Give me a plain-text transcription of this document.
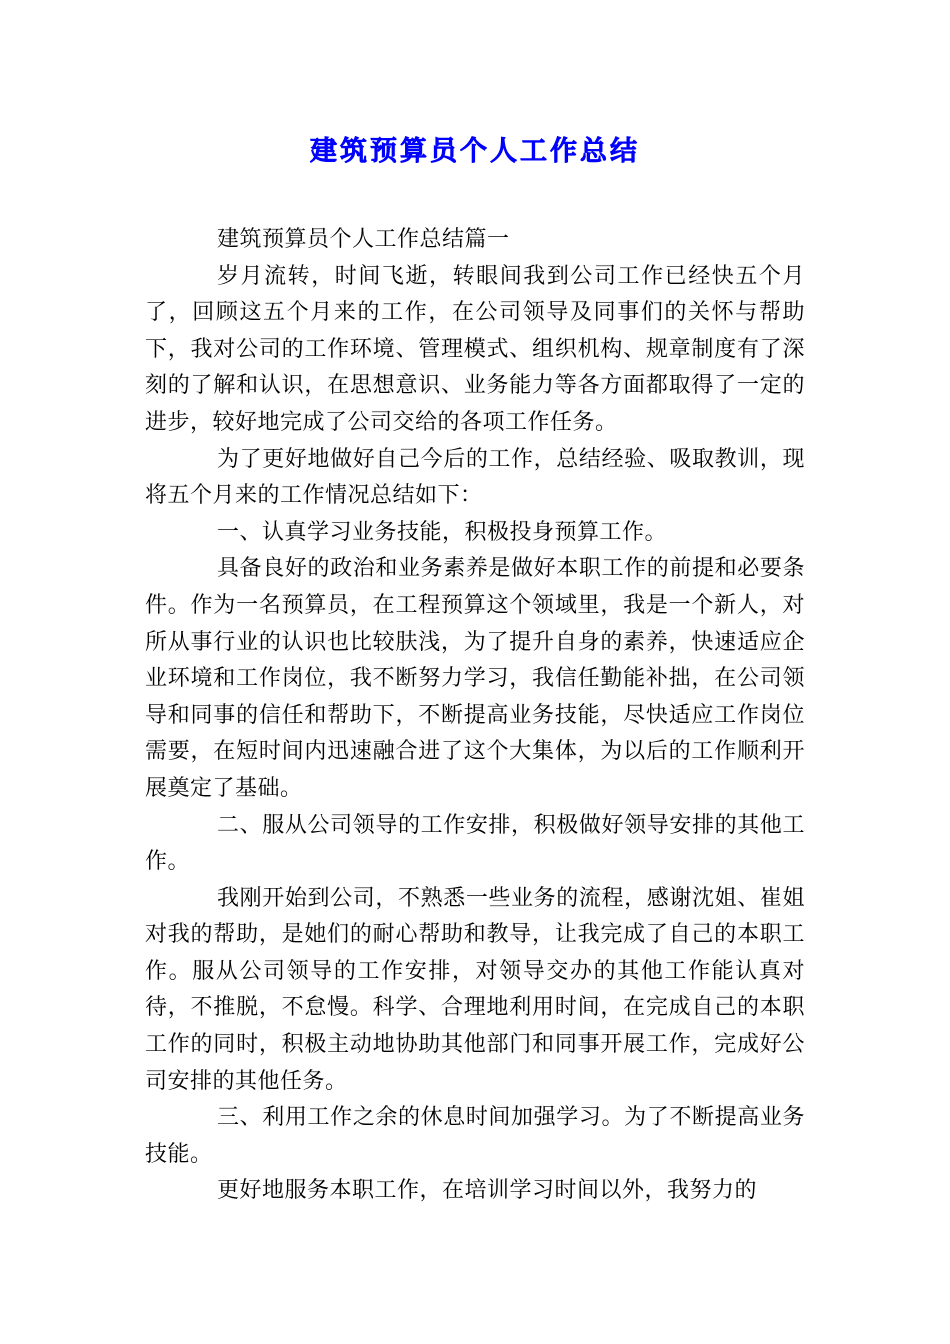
建筑预算员个人工作总结

建筑预算员个人工作总结篇一

岁月流转，时间飞逝，转眼间我到公司工作已经快五个月了，回顾这五个月来的工作，在公司领导及同事们的关怀与帮助下，我对公司的工作环境、管理模式、组织机构、规章制度有了深刻的了解和认识，在思想意识、业务能力等各方面都取得了一定的进步，较好地完成了公司交给的各项工作任务。

为了更好地做好自己今后的工作，总结经验、吸取教训，现将五个月来的工作情况总结如下：

一、认真学习业务技能，积极投身预算工作。

具备良好的政治和业务素养是做好本职工作的前提和必要条件。作为一名预算员，在工程预算这个领域里，我是一个新人，对所从事行业的认识也比较肤浅，为了提升自身的素养，快速适应企业环境和工作岗位，我不断努力学习，我信任勤能补拙，在公司领导和同事的信任和帮助下，不断提高业务技能，尽快适应工作岗位需要，在短时间内迅速融合进了这个大集体，为以后的工作顺利开展奠定了基础。

二、服从公司领导的工作安排，积极做好领导安排的其他工作。

我刚开始到公司，不熟悉一些业务的流程，感谢沈姐、崔姐对我的帮助，是她们的耐心帮助和教导，让我完成了自己的本职工作。服从公司领导的工作安排，对领导交办的其他工作能认真对待，不推脱，不怠慢。科学、合理地利用时间，在完成自己的本职工作的同时，积极主动地协助其他部门和同事开展工作，完成好公司安排的其他任务。

三、利用工作之余的休息时间加强学习。为了不断提高业务技能。

更好地服务本职工作，在培训学习时间以外，我努力的
